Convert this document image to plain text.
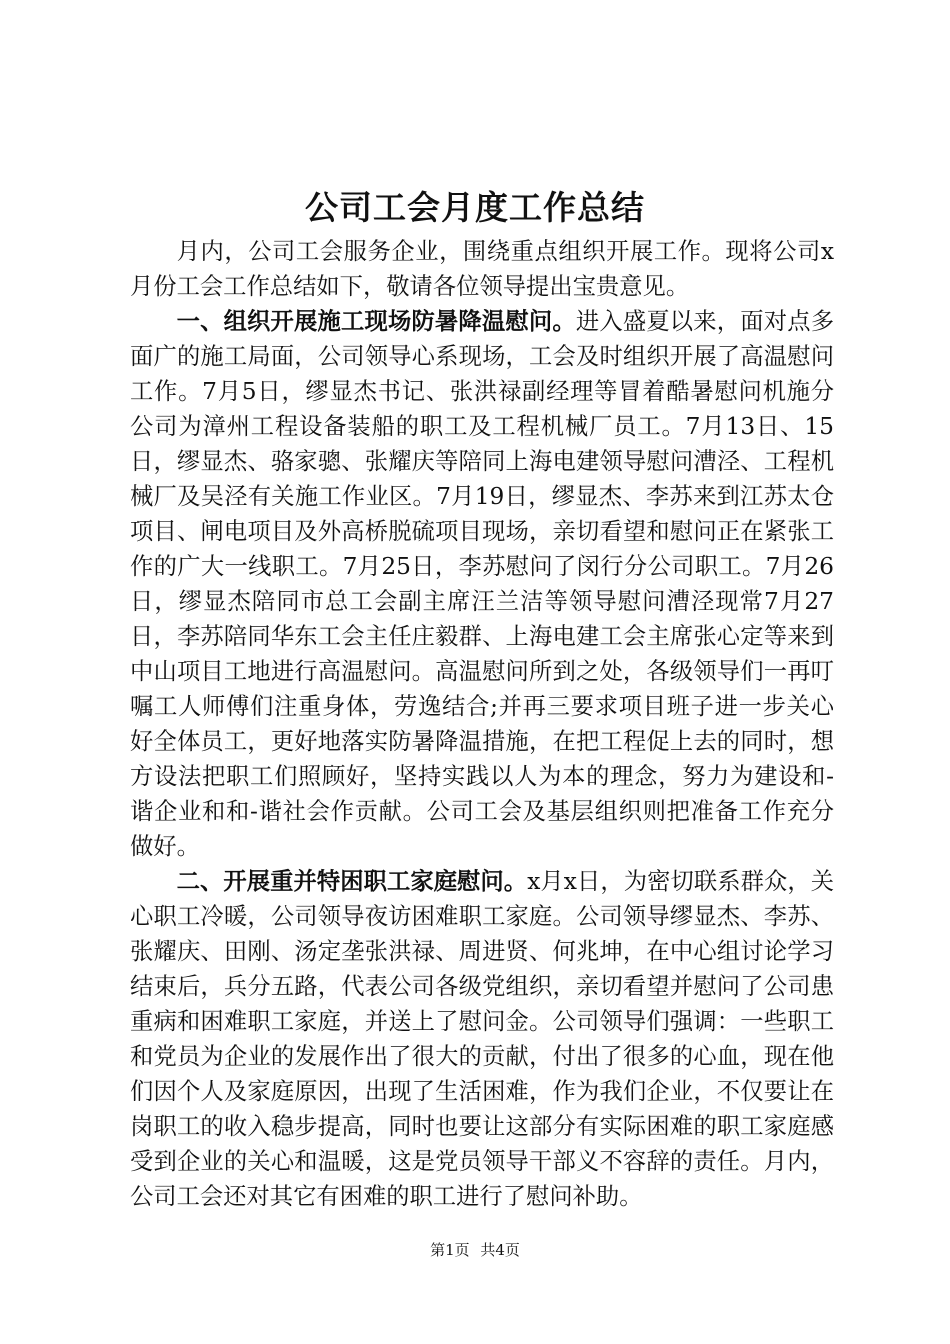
公司工会月度工作总结

月内，公司工会服务企业，围绕重点组织开展工作。现将公司x月份工会工作总结如下，敬请各位领导提出宝贵意见。

一、组织开展施工现场防暑降温慰问。进入盛夏以来，面对点多面广的施工局面，公司领导心系现场，工会及时组织开展了高温慰问工作。7月5日，缪显杰书记、张洪禄副经理等冒着酷暑慰问机施分公司为漳州工程设备装船的职工及工程机械厂员工。7月13日、15日，缪显杰、骆家骢、张耀庆等陪同上海电建领导慰问漕泾、工程机械厂及吴泾有关施工作业区。7月19日，缪显杰、李苏来到江苏太仓项目、闸电项目及外高桥脱硫项目现场，亲切看望和慰问正在紧张工作的广大一线职工。7月25日，李苏慰问了闵行分公司职工。7月26日，缪显杰陪同市总工会副主席汪兰洁等领导慰问漕泾现常7月27日，李苏陪同华东工会主任庄毅群、上海电建工会主席张心定等来到中山项目工地进行高温慰问。高温慰问所到之处，各级领导们一再叮嘱工人师傅们注重身体，劳逸结合;并再三要求项目班子进一步关心好全体员工，更好地落实防暑降温措施，在把工程促上去的同时，想方设法把职工们照顾好，坚持实践以人为本的理念，努力为建设和-谐企业和和-谐社会作贡献。公司工会及基层组织则把准备工作充分做好。

二、开展重并特困职工家庭慰问。x月x日，为密切联系群众，关心职工冷暖，公司领导夜访困难职工家庭。公司领导缪显杰、李苏、张耀庆、田刚、汤定垄张洪禄、周进贤、何兆坤，在中心组讨论学习结束后，兵分五路，代表公司各级党组织，亲切看望并慰问了公司患重病和困难职工家庭，并送上了慰问金。公司领导们强调：一些职工和党员为企业的发展作出了很大的贡献，付出了很多的心血，现在他们因个人及家庭原因，出现了生活困难，作为我们企业，不仅要让在岗职工的收入稳步提高，同时也要让这部分有实际困难的职工家庭感受到企业的关心和温暖，这是党员领导干部义不容辞的责任。月内，公司工会还对其它有困难的职工进行了慰问补助。

第1页 共4页
